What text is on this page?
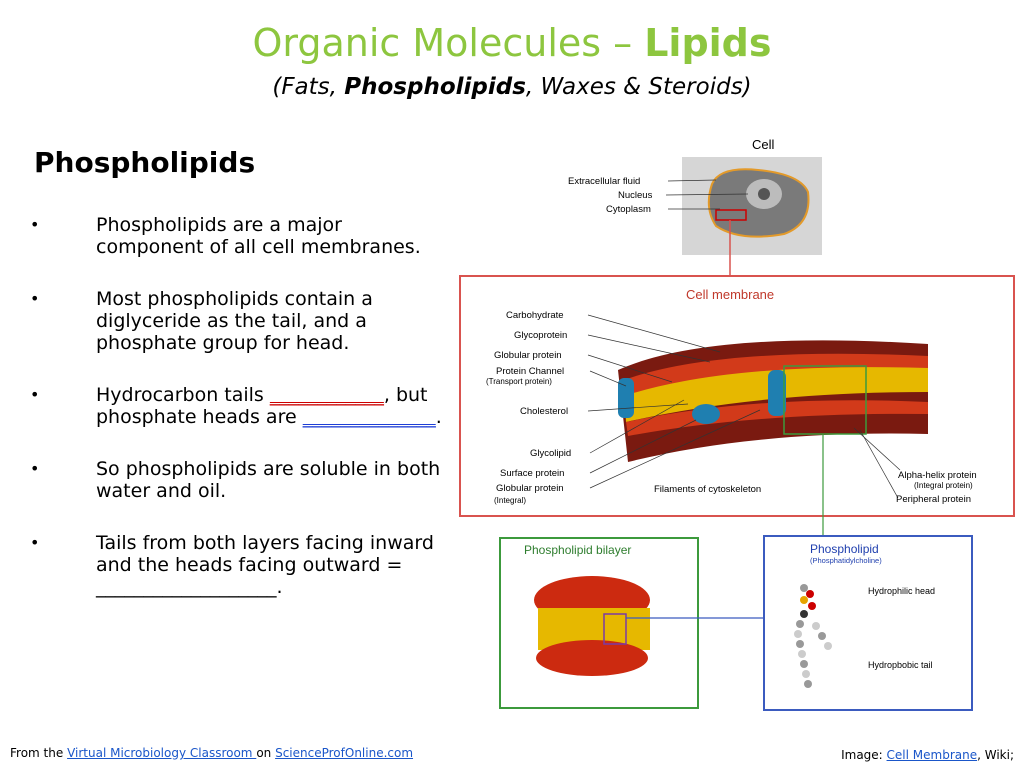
Organic Molecules – Lipids
(Fats, Phospholipids, Waxes & Steroids)
Phospholipids
•	Phospholipids are a major component of all cell membranes.
•	Most phospholipids contain a diglyceride as the tail, and a phosphate group for head.
•	Hydrocarbon tails ____________, but phosphate heads are ______________.
•	So phospholipids are soluble in both water and oil.
•	Tails from both layers facing inward and the heads facing outward = ___________________.
Cell
Extracellular fluid
Nucleus
Cytoplasm
Cell membrane
Carbohydrate
Glycoprotein
Globular protein
Protein Channel
(Transport protein)
Cholesterol
Glycolipid
Surface protein
Globular protein
(Integral)
Filaments of cytoskeleton
Alpha-helix protein
(Integral protein)
Peripheral protein
Phospholipid bilayer	Phospholipid
(Phosphatidylcholine)
Hydrophilic head
Hydropbobic tail
From the Virtual Microbiology Classroom on ScienceProfOnline.com	Image: Cell Membrane, Wiki;
